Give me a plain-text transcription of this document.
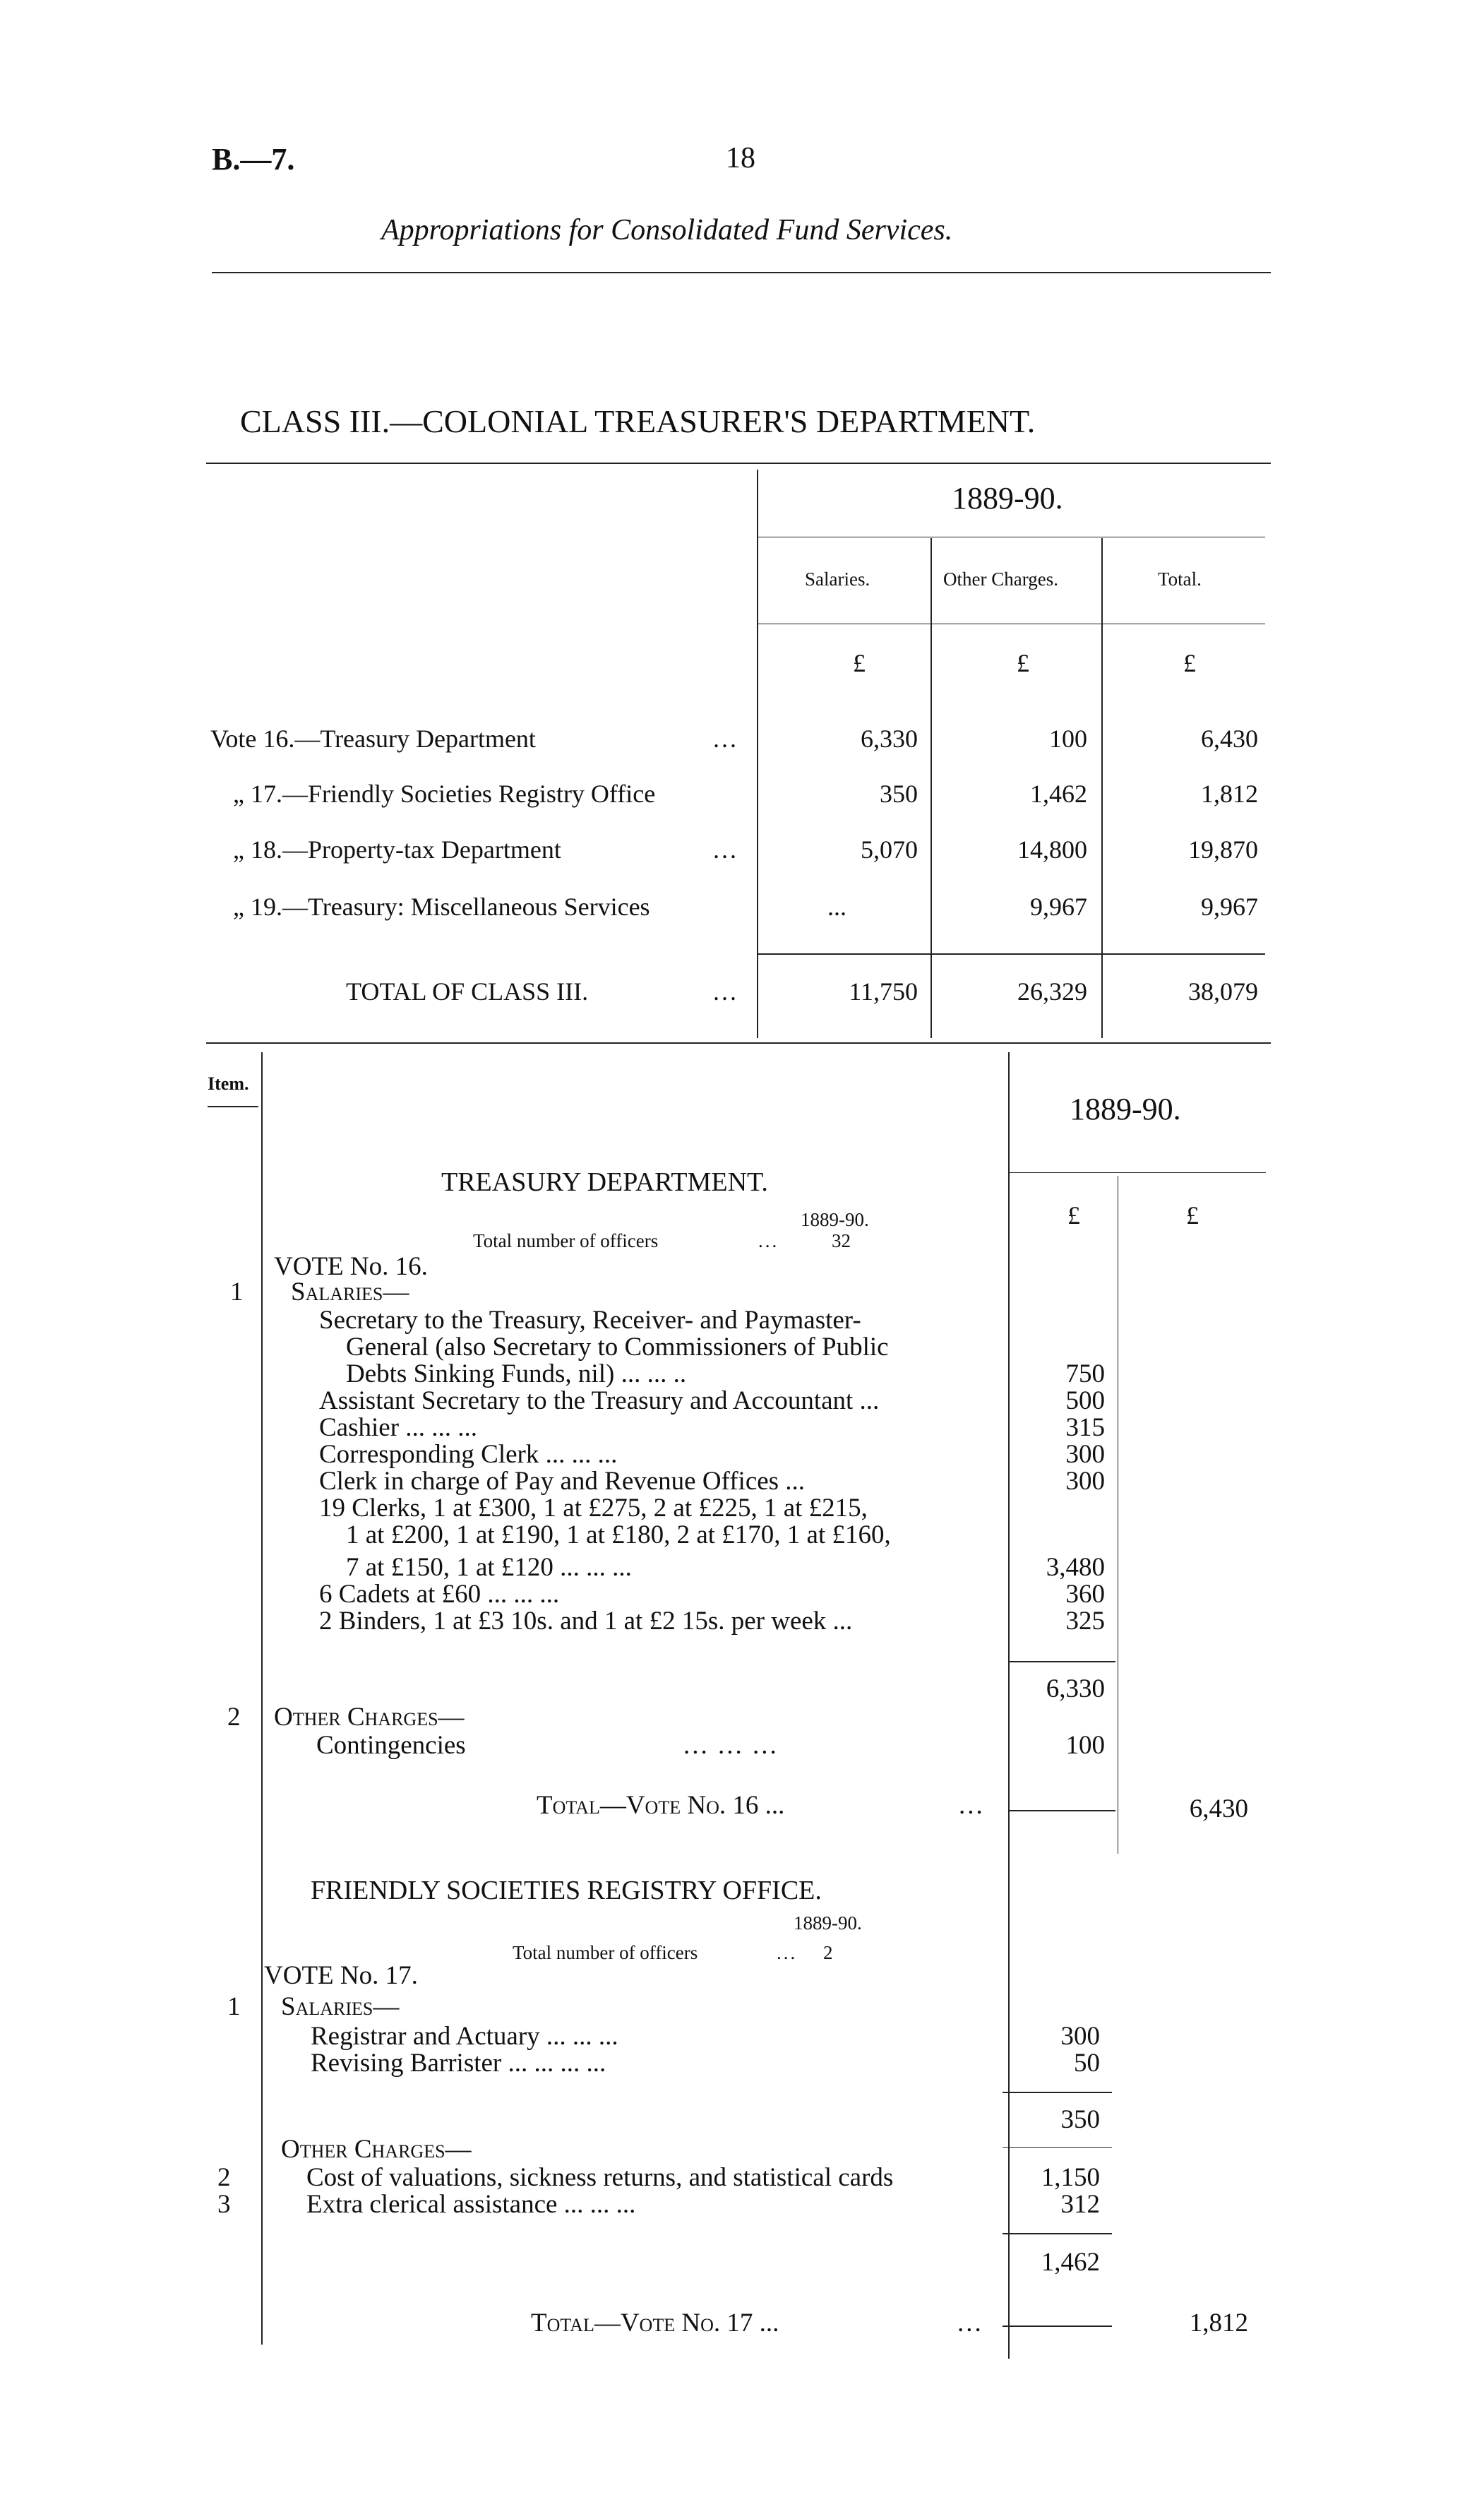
B.—7.	18
Appropriations for Consolidated Fund Services.
CLASS III.—COLONIAL TREASURER'S DEPARTMENT.
1889-90.
Salaries.	Other Charges.	Total.
£	£	£
Vote 16.—Treasury Department	...	6,330	100	6,430
„ 17.—Friendly Societies Registry Office	350	1,462	1,812
„ 18.—Property-tax Department	...	5,070	14,800	19,870
„ 19.—Treasury: Miscellaneous Services	...	9,967	9,967
TOTAL OF CLASS III.	...	11,750	26,329	38,079
Item.
1889-90.
£	£
TREASURY DEPARTMENT.
1889-90.
Total number of officers	...	32
VOTE No. 16.
1 Salaries—
Secretary to the Treasury, Receiver- and Paymaster-
General (also Secretary to Commissioners of Public
Debts Sinking Funds, nil) ... ... ..	750
Assistant Secretary to the Treasury and Accountant ...	500
Cashier ... ... ...	315
Corresponding Clerk ... ... ...	300
Clerk in charge of Pay and Revenue Offices ...	300
19 Clerks, 1 at £300, 1 at £275, 2 at £225, 1 at £215,
1 at £200, 1 at £190, 1 at £180, 2 at £170, 1 at £160,
7 at £150, 1 at £120 ... ... ...	3,480
6 Cadets at £60 ... ... ...	360
2 Binders, 1 at £3 10s. and 1 at £2 15s. per week ...	325
6,330
2 Other Charges—
Contingencies	... ... ...	100
Total—Vote No. 16 ...	...	6,430
FRIENDLY SOCIETIES REGISTRY OFFICE.
1889-90.
Total number of officers	... 2
VOTE No. 17.
1 Salaries—
Registrar and Actuary ... ... ...	300
Revising Barrister ... ... ... ...	50
350
Other Charges—
2	Cost of valuations, sickness returns, and statistical cards	1,150
3	Extra clerical assistance ... ... ...	312
1,462
Total—Vote No. 17 ...	...	1,812
